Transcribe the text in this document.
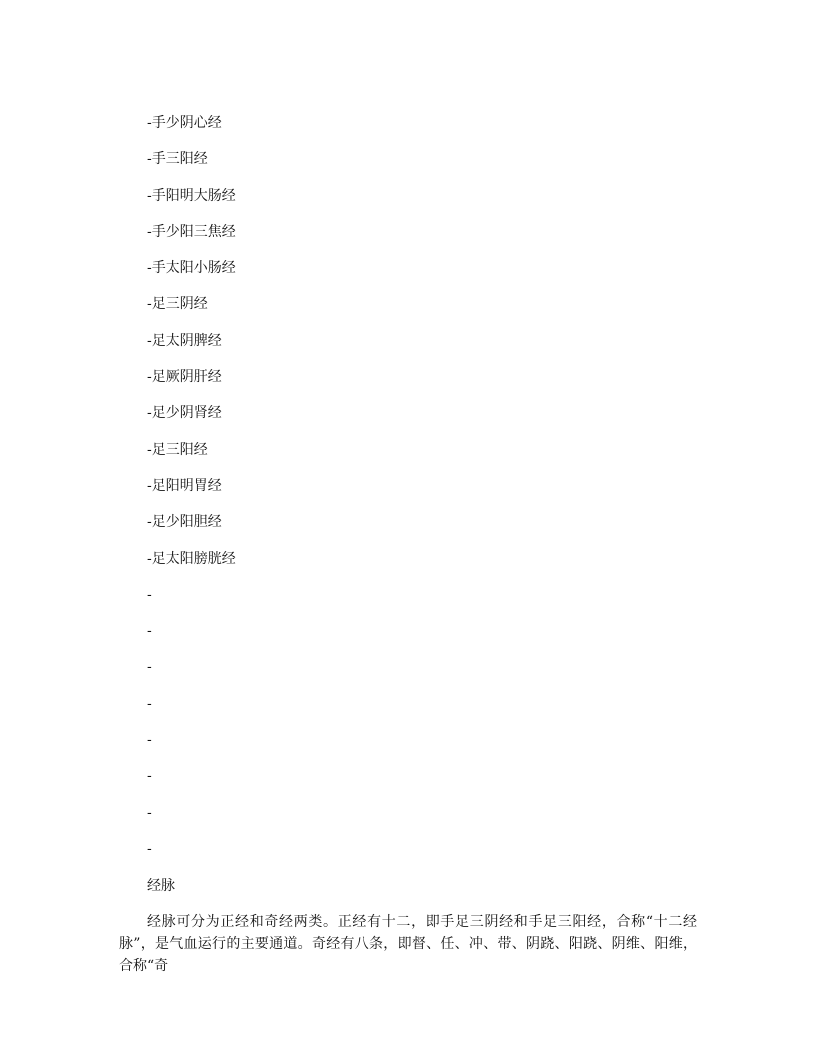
-手少阴心经
-手三阳经
-手阳明大肠经
-手少阳三焦经
-手太阳小肠经
-足三阴经
-足太阴脾经
-足厥阴肝经
-足少阴肾经
-足三阳经
-足阳明胃经
-足少阳胆经
-足太阳膀胱经
-
-
-
-
-
-
-
-
经脉

经脉可分为正经和奇经两类。正经有十二，即手足三阴经和手足三阳经，合称“十二经脉”，是气血运行的主要通道。奇经有八条，即督、任、冲、带、阴跷、阳跷、阴维、阳维，合称“奇
